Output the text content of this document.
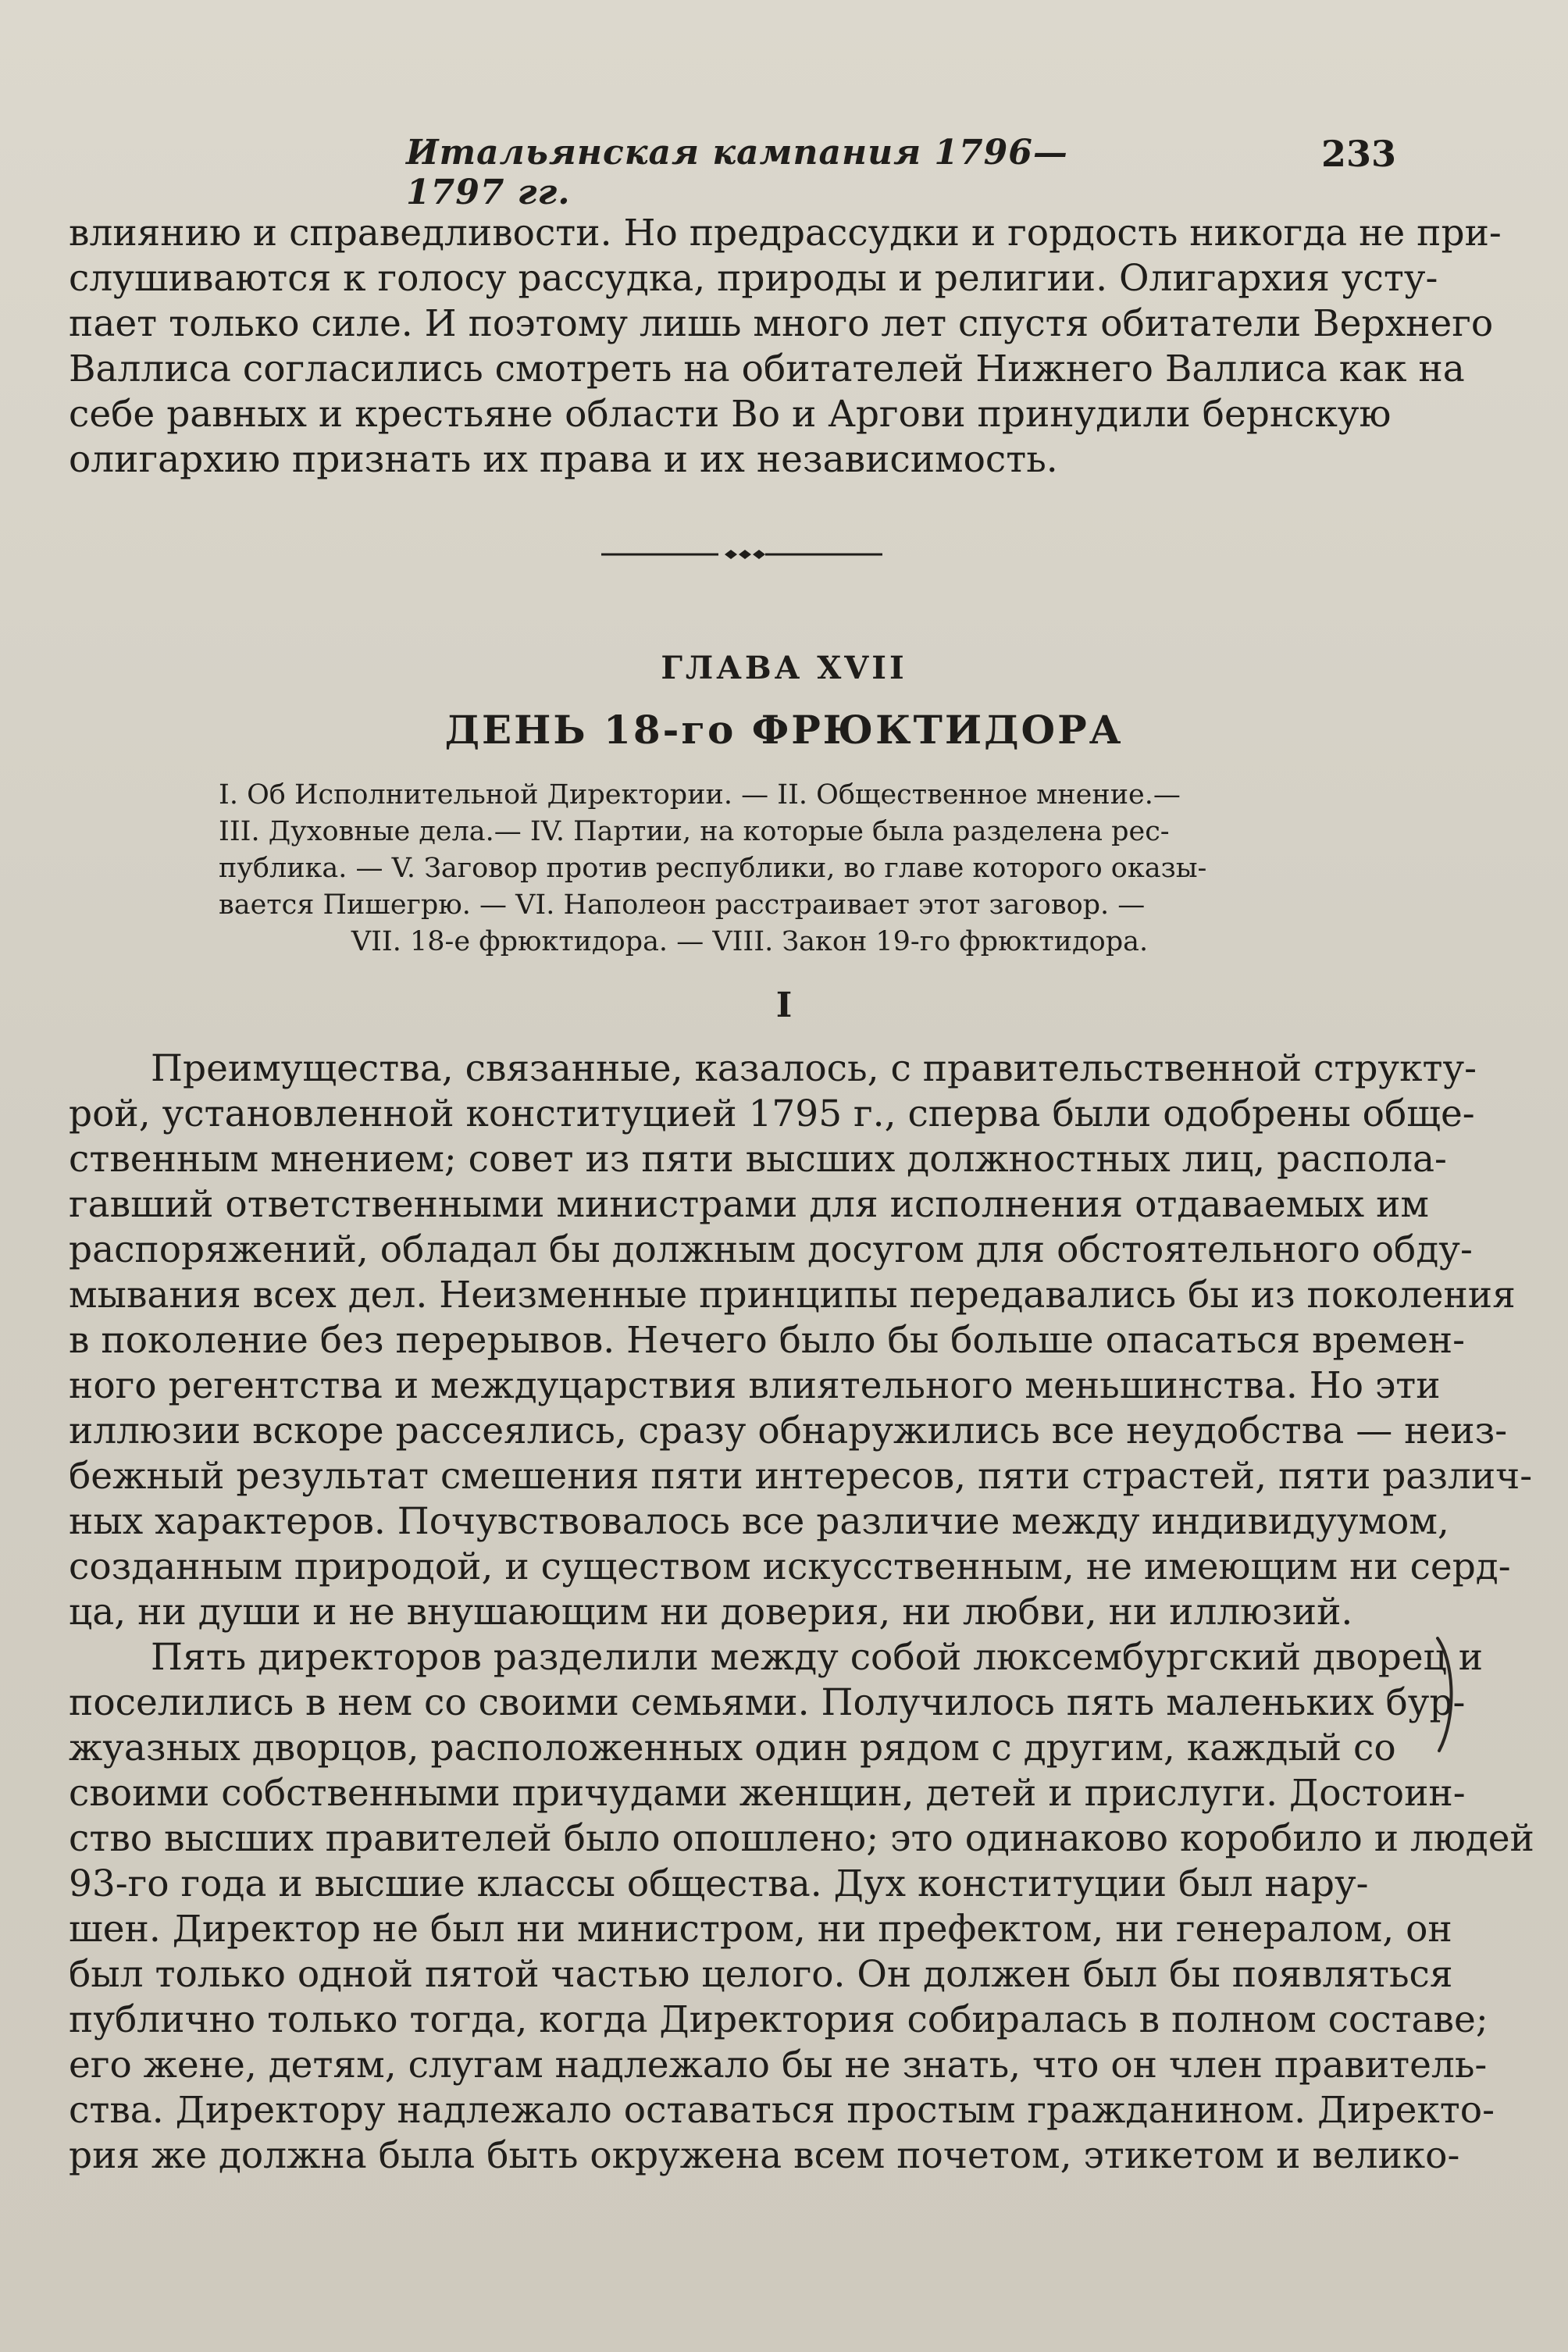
Итальянская кампания 1796—1797 гг.
233
влиянию и справедливости. Но предрассудки и гордость никогда не при-
слушиваются к голосу рассудка, природы и религии. Олигархия усту-
пает только силе. И поэтому лишь много лет спустя обитатели Верхнего
Валлиса согласились смотреть на обитателей Нижнего Валлиса как на
себе равных и крестьяне области Во и Аргови принудили бернскую
олигархию признать их права и их независимость.
ГЛАВА XVII
ДЕНЬ 18-го ФРЮКТИДОРА
I. Об Исполнительной Директории. — II. Общественное мнение.—
III. Духовные дела.— IV. Партии, на которые была разделена рес-
публика. — V. Заговор против республики, во главе которого оказы-
вается Пишегрю. — VI. Наполеон расстраивает этот заговор. —
VII. 18-е фрюктидора. — VIII. Закон 19-го фрюктидора.
I
Преимущества, связанные, казалось, с правительственной структу-
рой, установленной конституцией 1795 г., сперва были одобрены обще-
ственным мнением; совет из пяти высших должностных лиц, распола-
гавший ответственными министрами для исполнения отдаваемых им
распоряжений, обладал бы должным досугом для обстоятельного обду-
мывания всех дел. Неизменные принципы передавались бы из поколения
в поколение без перерывов. Нечего было бы больше опасаться времен-
ного регентства и междуцарствия влиятельного меньшинства. Но эти
иллюзии вскоре рассеялись, сразу обнаружились все неудобства — неиз-
бежный результат смешения пяти интересов, пяти страстей, пяти различ-
ных характеров. Почувствовалось все различие между индивидуумом,
созданным природой, и существом искусственным, не имеющим ни серд-
ца, ни души и не внушающим ни доверия, ни любви, ни иллюзий.
Пять директоров разделили между собой люксембургский дворец и
поселились в нем со своими семьями. Получилось пять маленьких бур-
жуазных дворцов, расположенных один рядом с другим, каждый со
своими собственными причудами женщин, детей и прислуги. Достоин-
ство высших правителей было опошлено; это одинаково коробило и людей
93-го года и высшие классы общества. Дух конституции был нару-
шен. Директор не был ни министром, ни префектом, ни генералом, он
был только одной пятой частью целого. Он должен был бы появляться
публично только тогда, когда Директория собиралась в полном составе;
его жене, детям, слугам надлежало бы не знать, что он член правитель-
ства. Директору надлежало оставаться простым гражданином. Директо-
рия же должна была быть окружена всем почетом, этикетом и велико-
